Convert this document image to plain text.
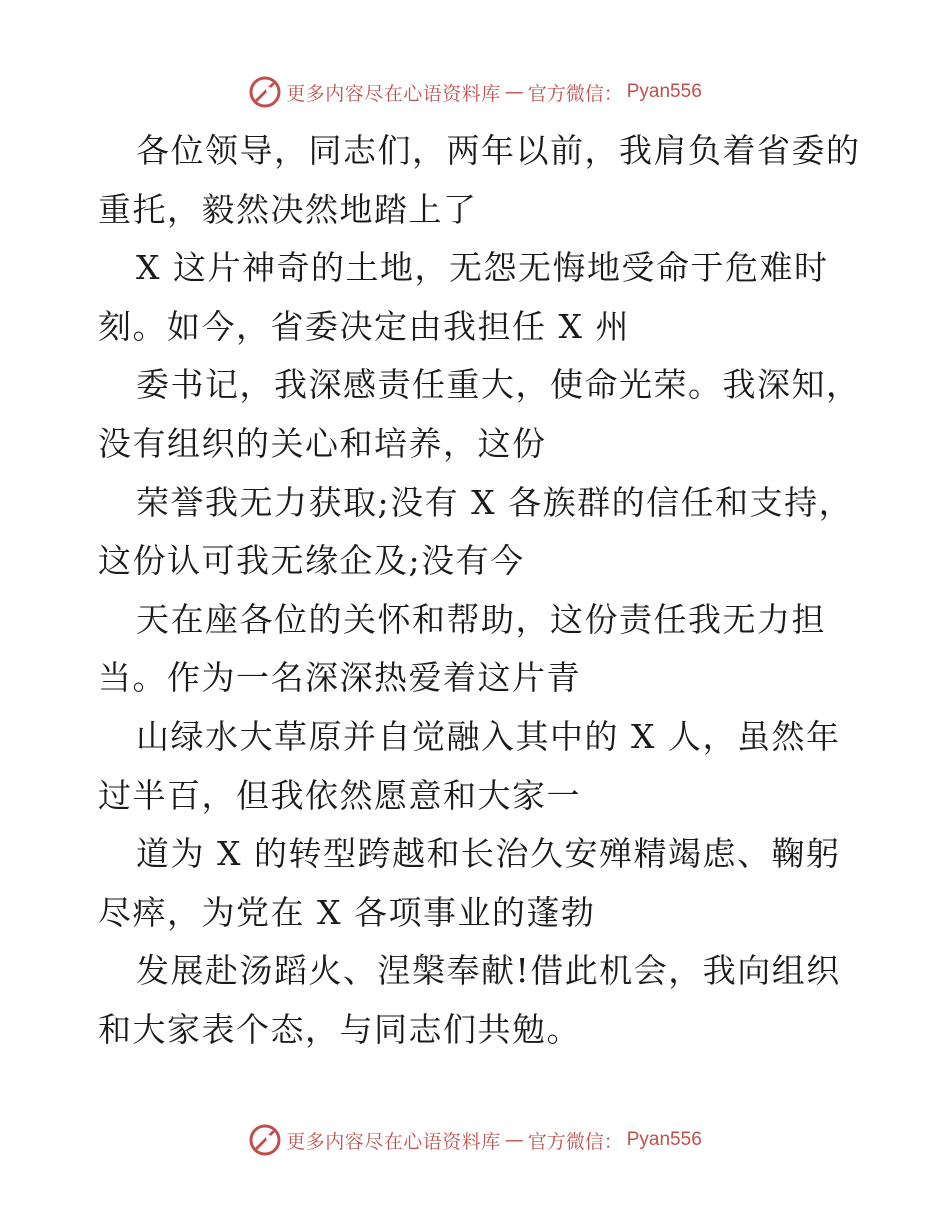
更多内容尽在心语资料库 — 官方微信： Pyan556
各位领导，同志们，两年以前，我肩负着省委的
重托，毅然决然地踏上了
X 这片神奇的土地，无怨无悔地受命于危难时
刻。如今，省委决定由我担任 X 州
委书记，我深感责任重大，使命光荣。我深知，
没有组织的关心和培养，这份
荣誉我无力获取;没有 X 各族群的信任和支持，
这份认可我无缘企及;没有今
天在座各位的关怀和帮助，这份责任我无力担
当。作为一名深深热爱着这片青
山绿水大草原并自觉融入其中的 X 人，虽然年
过半百，但我依然愿意和大家一
道为 X 的转型跨越和长治久安殚精竭虑、鞠躬
尽瘁，为党在 X 各项事业的蓬勃
发展赴汤蹈火、涅槃奉献!借此机会，我向组织
和大家表个态，与同志们共勉。
更多内容尽在心语资料库 — 官方微信： Pyan556
